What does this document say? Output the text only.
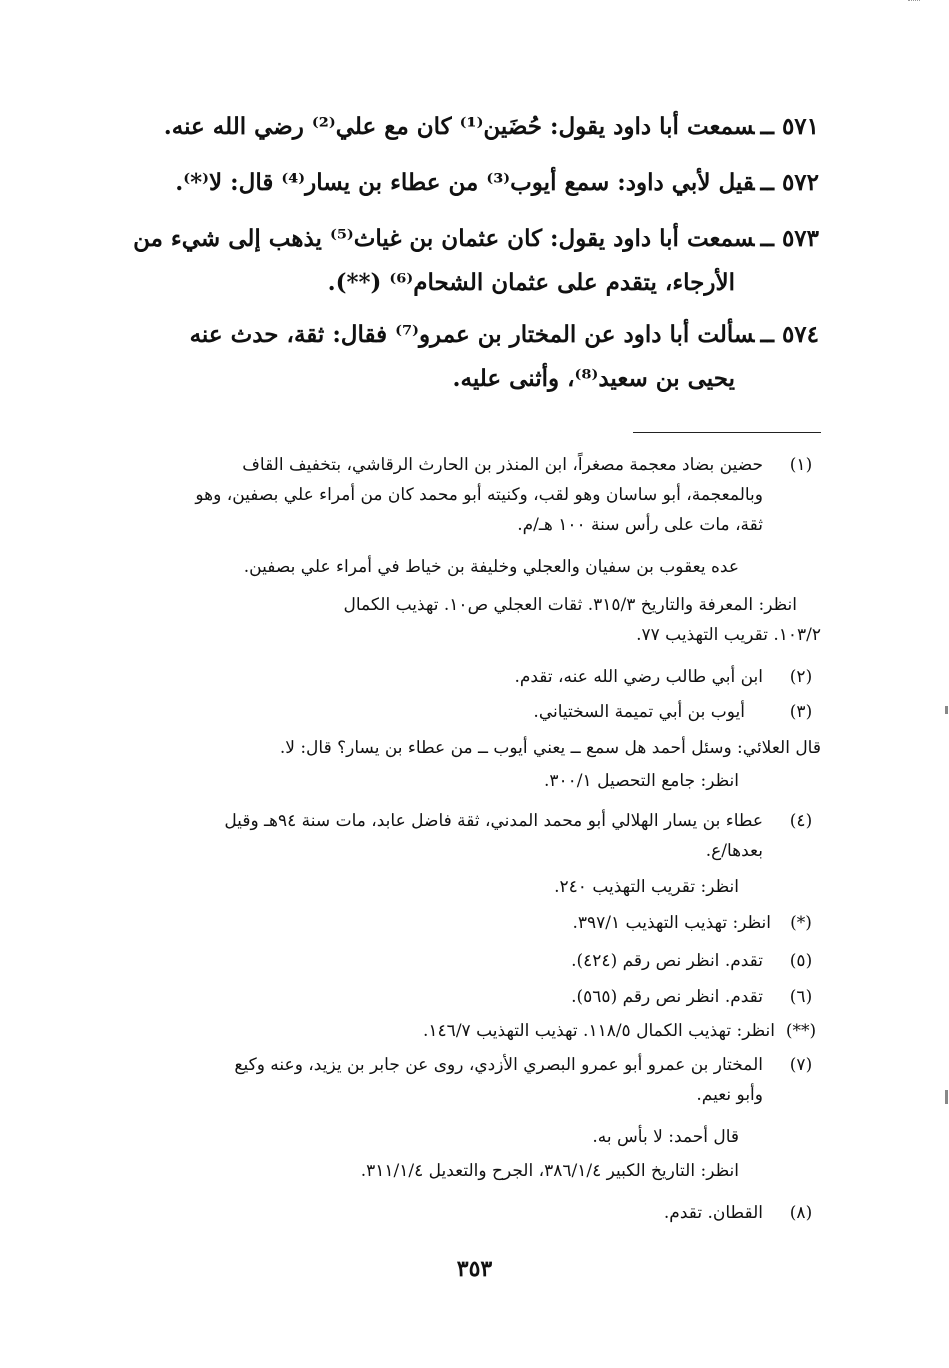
٥٧١ ــسمعت أبا داود يقول: حُضَين⁽¹⁾ كان مع علي⁽²⁾ رضي الله عنه.
٥٧٢ ــقيل لأبي داود: سمع أيوب⁽³⁾ من عطاء بن يسار⁽⁴⁾ قال: لا⁽*⁾.
٥٧٣ ــسمعت أبا داود يقول: كان عثمان بن غياث⁽⁵⁾ يذهب إلى شيء من
الأرجاء، يتقدم على عثمان الشحام⁽⁶⁾ (**).
٥٧٤ ــسألت أبا داود عن المختار بن عمرو⁽⁷⁾ فقال: ثقة، حدث عنه
يحيى بن سعيد⁽⁸⁾، وأثنى عليه.
(١)
حضين بضاد معجمة مصغراً، ابن المنذر بن الحارث الرقاشي، بتخفيف القاف
وبالمعجمة، أبو ساسان وهو لقب، وكنيته أبو محمد كان من أمراء علي بصفين، وهو
ثقة، مات على رأس سنة ١٠٠ هـ/م.
عده يعقوب بن سفيان والعجلي وخليفة بن خياط في أمراء علي بصفين.
انظر: المعرفة والتاريخ ٣١٥/٣. ثقات العجلي ص١٠. تهذيب الكمال
١٠٣/٢. تقريب التهذيب ٧٧.
(٢)
ابن أبي طالب رضي الله عنه، تقدم.
(٣)
أيوب بن أبي تميمة السختياني.
قال العلائي: وسئل أحمد هل سمع ــ يعني أيوب ــ من عطاء بن يسار؟ قال: لا.
انظر: جامع التحصيل ٣٠٠/١.
(٤)
عطاء بن يسار الهلالي أبو محمد المدني، ثقة فاضل عابد، مات سنة ٩٤هـ وقيل
بعدها/ع.
انظر: تقريب التهذيب ٢٤٠.
(*)
انظر: تهذيب التهذيب ٣٩٧/١.
(٥)
تقدم. انظر نص رقم (٤٢٤).
(٦)
تقدم. انظر نص رقم (٥٦٥).
(**)
انظر: تهذيب الكمال ١١٨/٥. تهذيب التهذيب ١٤٦/٧.
(٧)
المختار بن عمرو أبو عمرو البصري الأزدي، روى عن جابر بن يزيد، وعنه وكيع
وأبو نعيم.
قال أحمد: لا بأس به.
انظر: التاريخ الكبير ٣٨٦/١/٤، الجرح والتعديل ٣١١/١/٤.
(٨)
القطان. تقدم.
٣٥٣
